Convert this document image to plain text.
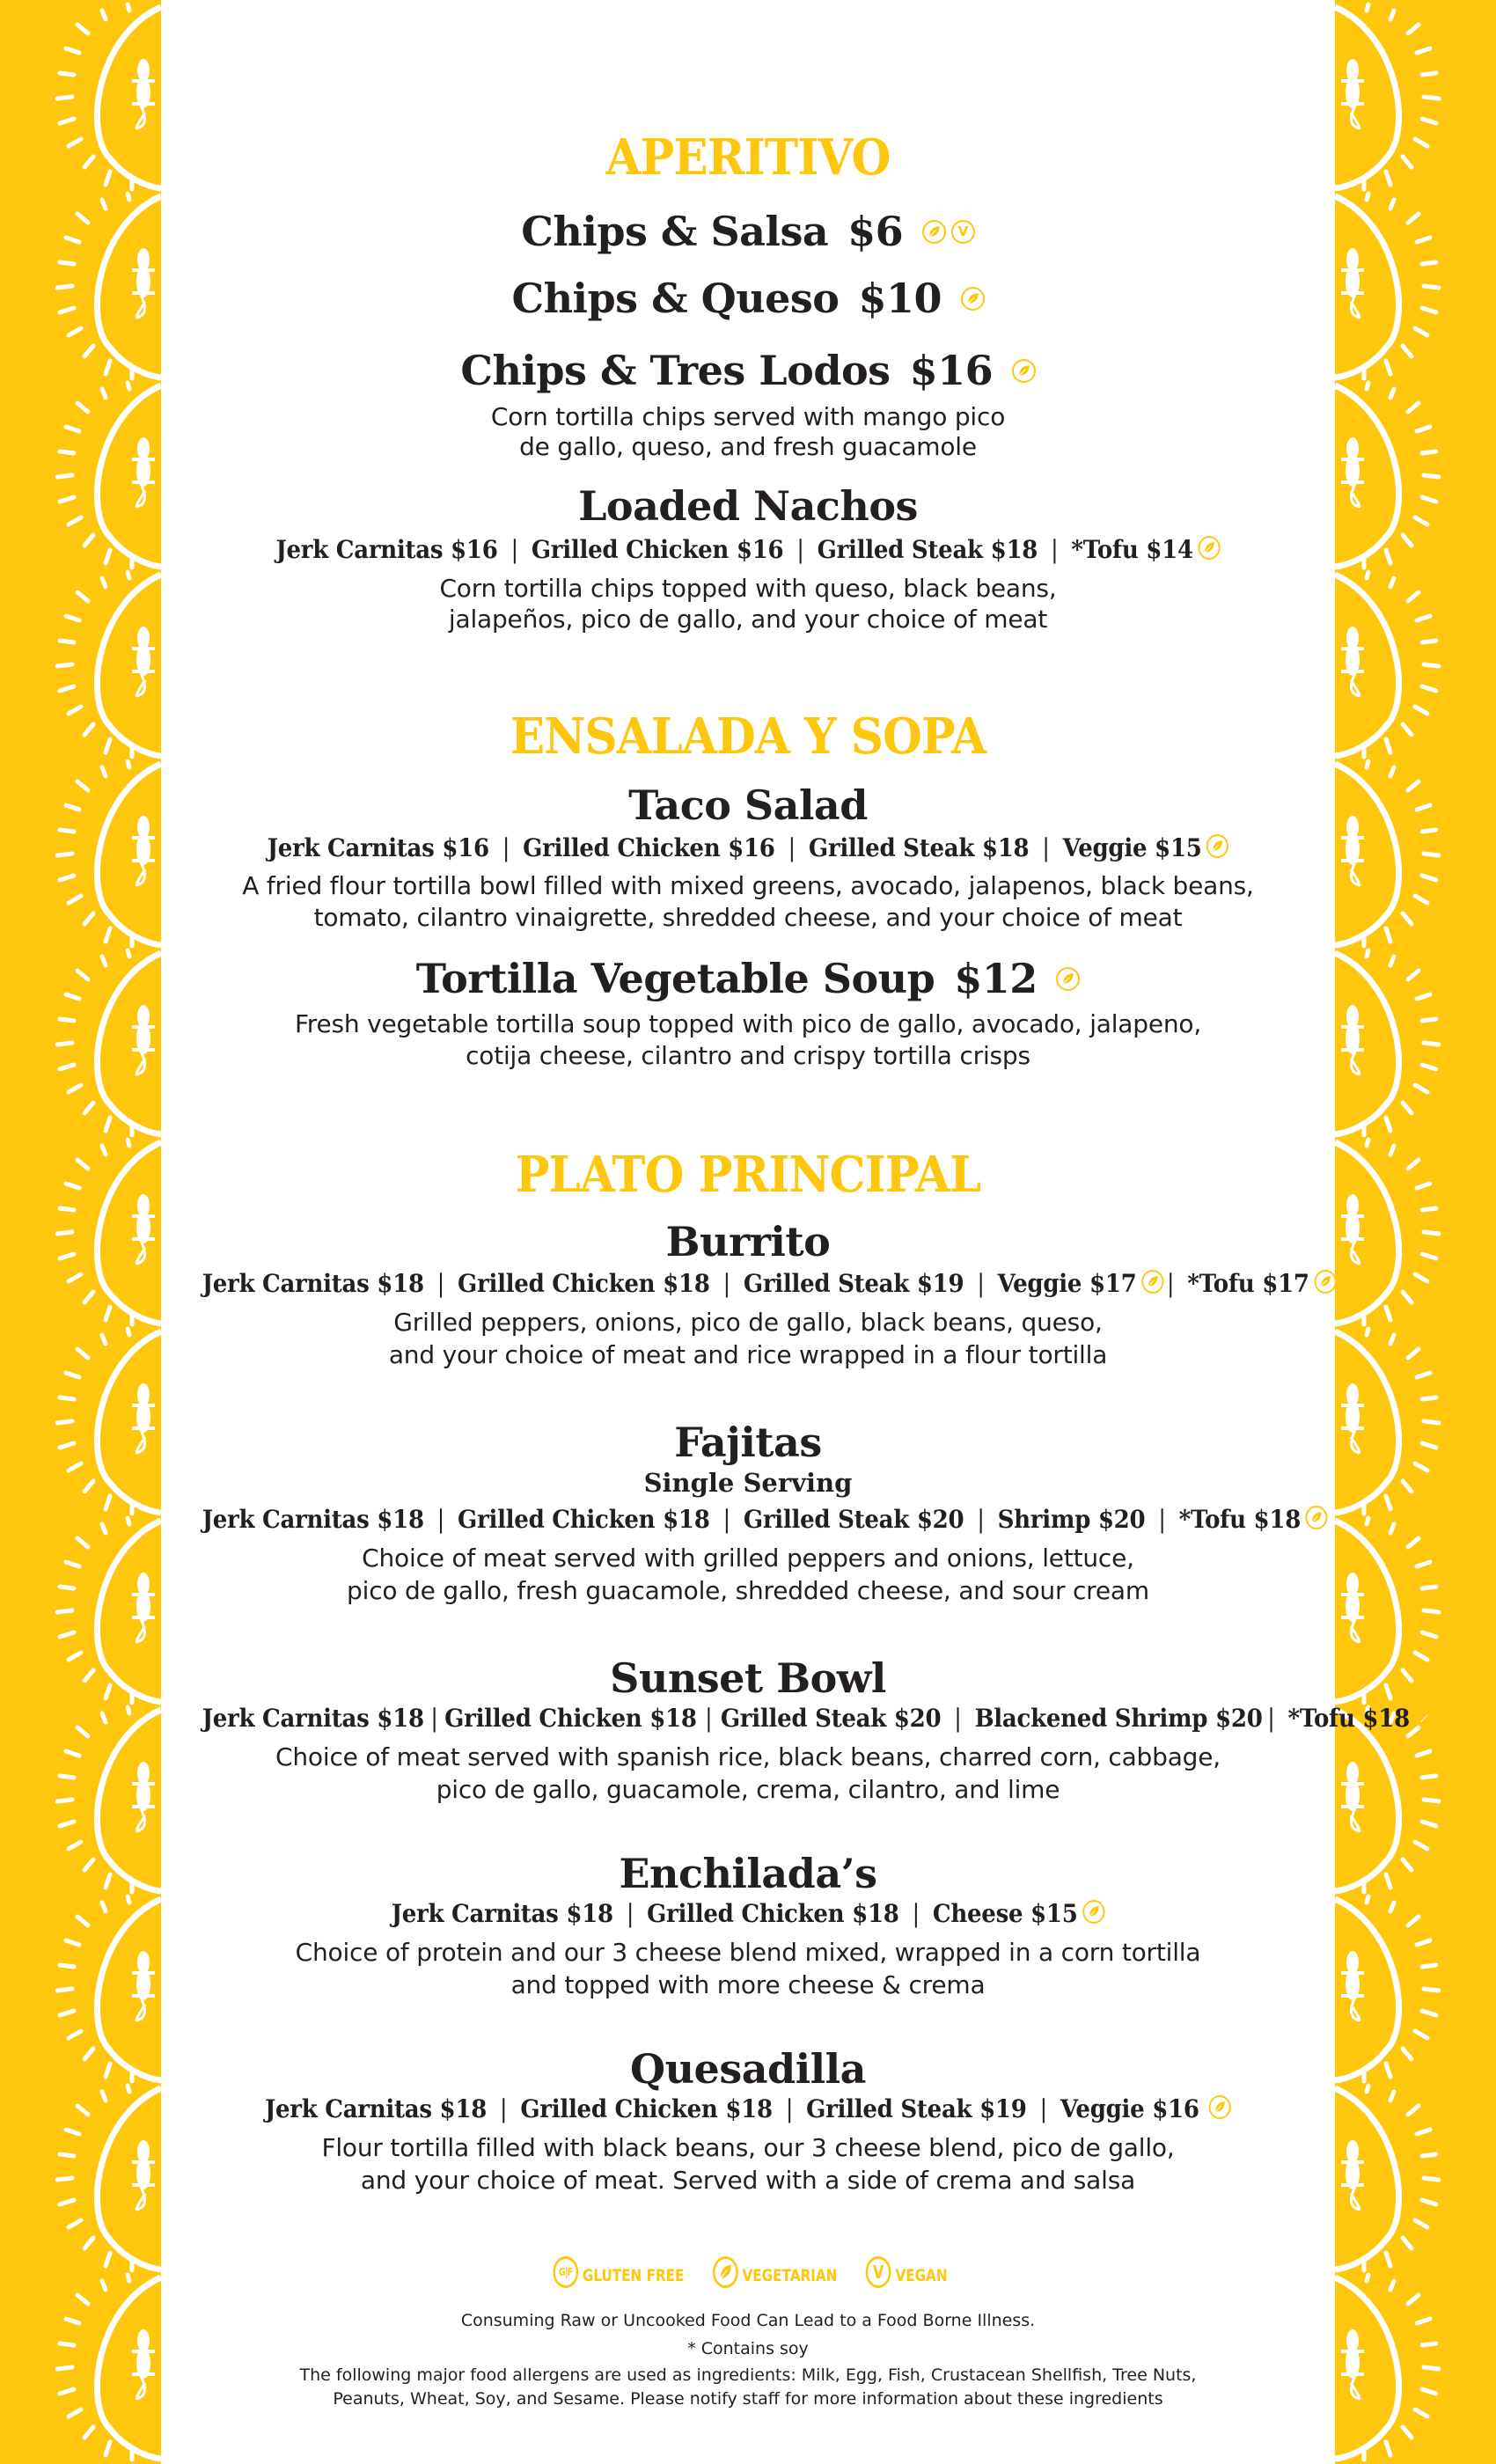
APERITIVO
Chips & Salsa $6	V
Chips & Queso $10
Chips & Tres Lodos $16
Corn tortilla chips served with mango pico
de gallo, queso, and fresh guacamole
Loaded Nachos
Jerk Carnitas $16 | Grilled Chicken $16 | Grilled Steak $18 | *Tofu $14
Corn tortilla chips topped with queso, black beans,
jalapeños, pico de gallo, and your choice of meat
ENSALADA Y SOPA
Taco Salad
Jerk Carnitas $16 | Grilled Chicken $16 | Grilled Steak $18 | Veggie $15
A fried flour tortilla bowl filled with mixed greens, avocado, jalapenos, black beans,
tomato, cilantro vinaigrette, shredded cheese, and your choice of meat
Tortilla Vegetable Soup $12
Fresh vegetable tortilla soup topped with pico de gallo, avocado, jalapeno,
cotija cheese, cilantro and crispy tortilla crisps
PLATO PRINCIPAL
Burrito
Jerk Carnitas $18 | Grilled Chicken $18 | Grilled Steak $19 | Veggie $17 | *Tofu $17
Grilled peppers, onions, pico de gallo, black beans, queso,
and your choice of meat and rice wrapped in a flour tortilla
Fajitas
Single Serving
Jerk Carnitas $18 | Grilled Chicken $18 | Grilled Steak $20 | Shrimp $20 | *Tofu $18
Choice of meat served with grilled peppers and onions, lettuce,
pico de gallo, fresh guacamole, shredded cheese, and sour cream
Sunset Bowl
Jerk Carnitas $18 | Grilled Chicken $18 | Grilled Steak $20 | Blackened Shrimp $20 | *Tofu $18
Choice of meat served with spanish rice, black beans, charred corn, cabbage,
pico de gallo, guacamole, crema, cilantro, and lime
Enchilada’s
Jerk Carnitas $18 | Grilled Chicken $18 | Cheese $15
Choice of protein and our 3 cheese blend mixed, wrapped in a corn tortilla
and topped with more cheese & crema
Quesadilla
Jerk Carnitas $18 | Grilled Chicken $18 | Grilled Steak $19 | Veggie $16
Flour tortilla filled with black beans, our 3 cheese blend, pico de gallo,
and your choice of meat. Served with a side of crema and salsa
G|F GLUTEN FREE	VEGETARIAN V VEGAN
Consuming Raw or Uncooked Food Can Lead to a Food Borne Illness.
* Contains soy
The following major food allergens are used as ingredients: Milk, Egg, Fish, Crustacean Shellfish, Tree Nuts,
Peanuts, Wheat, Soy, and Sesame. Please notify staff for more information about these ingredients
